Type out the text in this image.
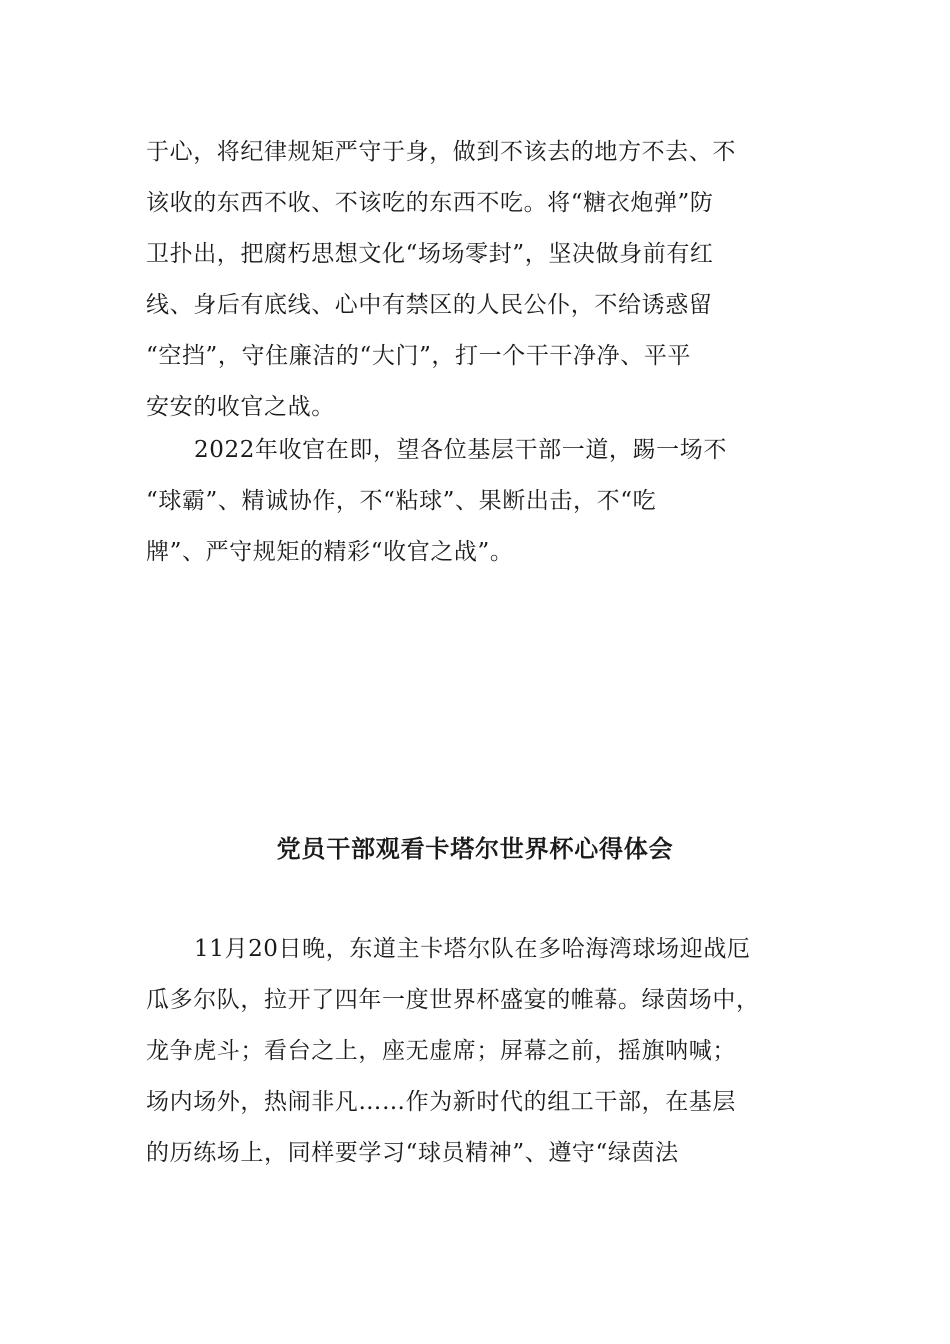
于心，将纪律规矩严守于身，做到不该去的地方不去、不
该收的东西不收、不该吃的东西不吃。将“糖衣炮弹”防
卫扑出，把腐朽思想文化“场场零封”，坚决做身前有红
线、身后有底线、心中有禁区的人民公仆，不给诱惑留
“空挡”，守住廉洁的“大门”，打一个干干净净、平平
安安的收官之战。
2022年收官在即，望各位基层干部一道，踢一场不
“球霸”、精诚协作，不“粘球”、果断出击，不“吃
牌”、严守规矩的精彩“收官之战”。
党员干部观看卡塔尔世界杯心得体会
11月20日晚，东道主卡塔尔队在多哈海湾球场迎战厄
瓜多尔队，拉开了四年一度世界杯盛宴的帷幕。绿茵场中，
龙争虎斗；看台之上，座无虚席；屏幕之前，摇旗呐喊；
场内场外，热闹非凡……作为新时代的组工干部，在基层
的历练场上，同样要学习“球员精神”、遵守“绿茵法
